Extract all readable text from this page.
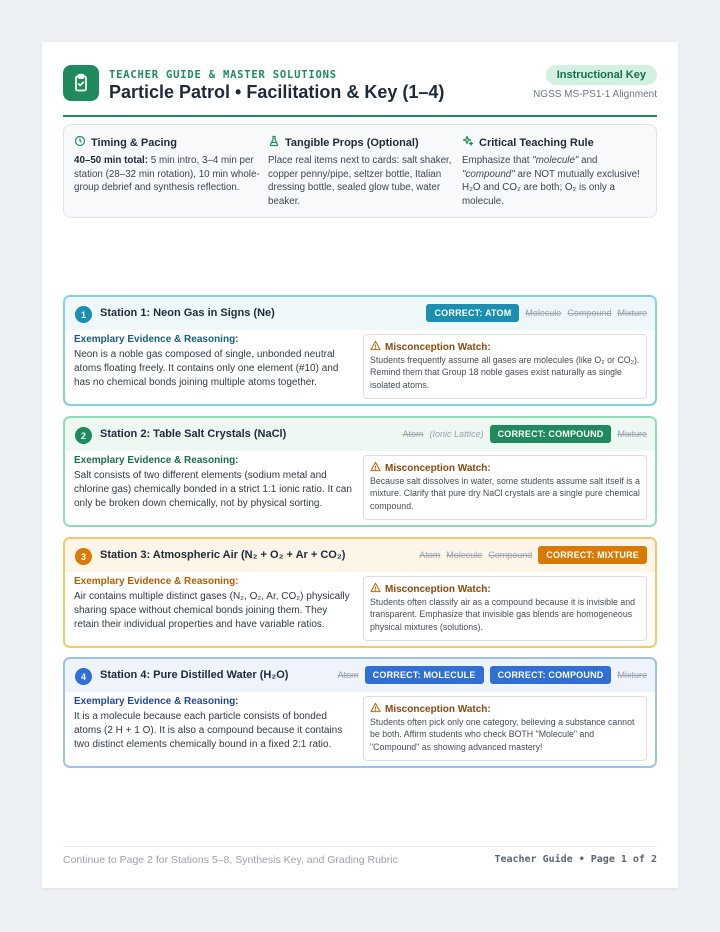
TEACHER GUIDE & MASTER SOLUTIONS
Particle Patrol • Facilitation & Key (1–4)
Instructional Key
NGSS MS-PS1-1 Alignment
Timing & Pacing
40–50 min total: 5 min intro, 3–4 min per station (28–32 min rotation), 10 min whole-group debrief and synthesis reflection.
Tangible Props (Optional)
Place real items next to cards: salt shaker, copper penny/pipe, seltzer bottle, Italian dressing bottle, sealed glow tube, water beaker.
Critical Teaching Rule
Emphasize that "molecule" and "compound" are NOT mutually exclusive! H₂O and CO₂ are both; O₂ is only a molecule.
1	Station 1: Neon Gas in Signs (Ne)	CORRECT: ATOM	Molecule Compound Mixture
Exemplary Evidence & Reasoning:
Neon is a noble gas composed of single, unbonded neutral atoms floating freely. It contains only one element (#10) and has no chemical bonds joining multiple atoms together.
Misconception Watch:
Students frequently assume all gases are molecules (like O₂ or CO₂). Remind them that Group 18 noble gases exist naturally as single isolated atoms.
2	Station 2: Table Salt Crystals (NaCl)	Atom (Ionic Lattice)	CORRECT: COMPOUND	Mixture
Exemplary Evidence & Reasoning:
Salt consists of two different elements (sodium metal and chlorine gas) chemically bonded in a strict 1:1 ionic ratio. It can only be broken down chemically, not by physical sorting.
Misconception Watch:
Because salt dissolves in water, some students assume salt itself is a mixture. Clarify that pure dry NaCl crystals are a single pure chemical compound.
3	Station 3: Atmospheric Air (N₂ + O₂ + Ar + CO₂)	Atom Molecule Compound	CORRECT: MIXTURE
Exemplary Evidence & Reasoning:
Air contains multiple distinct gases (N₂, O₂, Ar, CO₂) physically sharing space without chemical bonds joining them. They retain their individual properties and have variable ratios.
Misconception Watch:
Students often classify air as a compound because it is invisible and transparent. Emphasize that invisible gas blends are homogeneous physical mixtures (solutions).
4	Station 4: Pure Distilled Water (H₂O)	Atom	CORRECT: MOLECULE	CORRECT: COMPOUND	Mixture
Exemplary Evidence & Reasoning:
It is a molecule because each particle consists of bonded atoms (2 H + 1 O). It is also a compound because it contains two distinct elements chemically bound in a fixed 2:1 ratio.
Misconception Watch:
Students often pick only one category, believing a substance cannot be both. Affirm students who check BOTH "Molecule" and "Compound" as showing advanced mastery!
Continue to Page 2 for Stations 5–8, Synthesis Key, and Grading Rubric	Teacher Guide • Page 1 of 2
